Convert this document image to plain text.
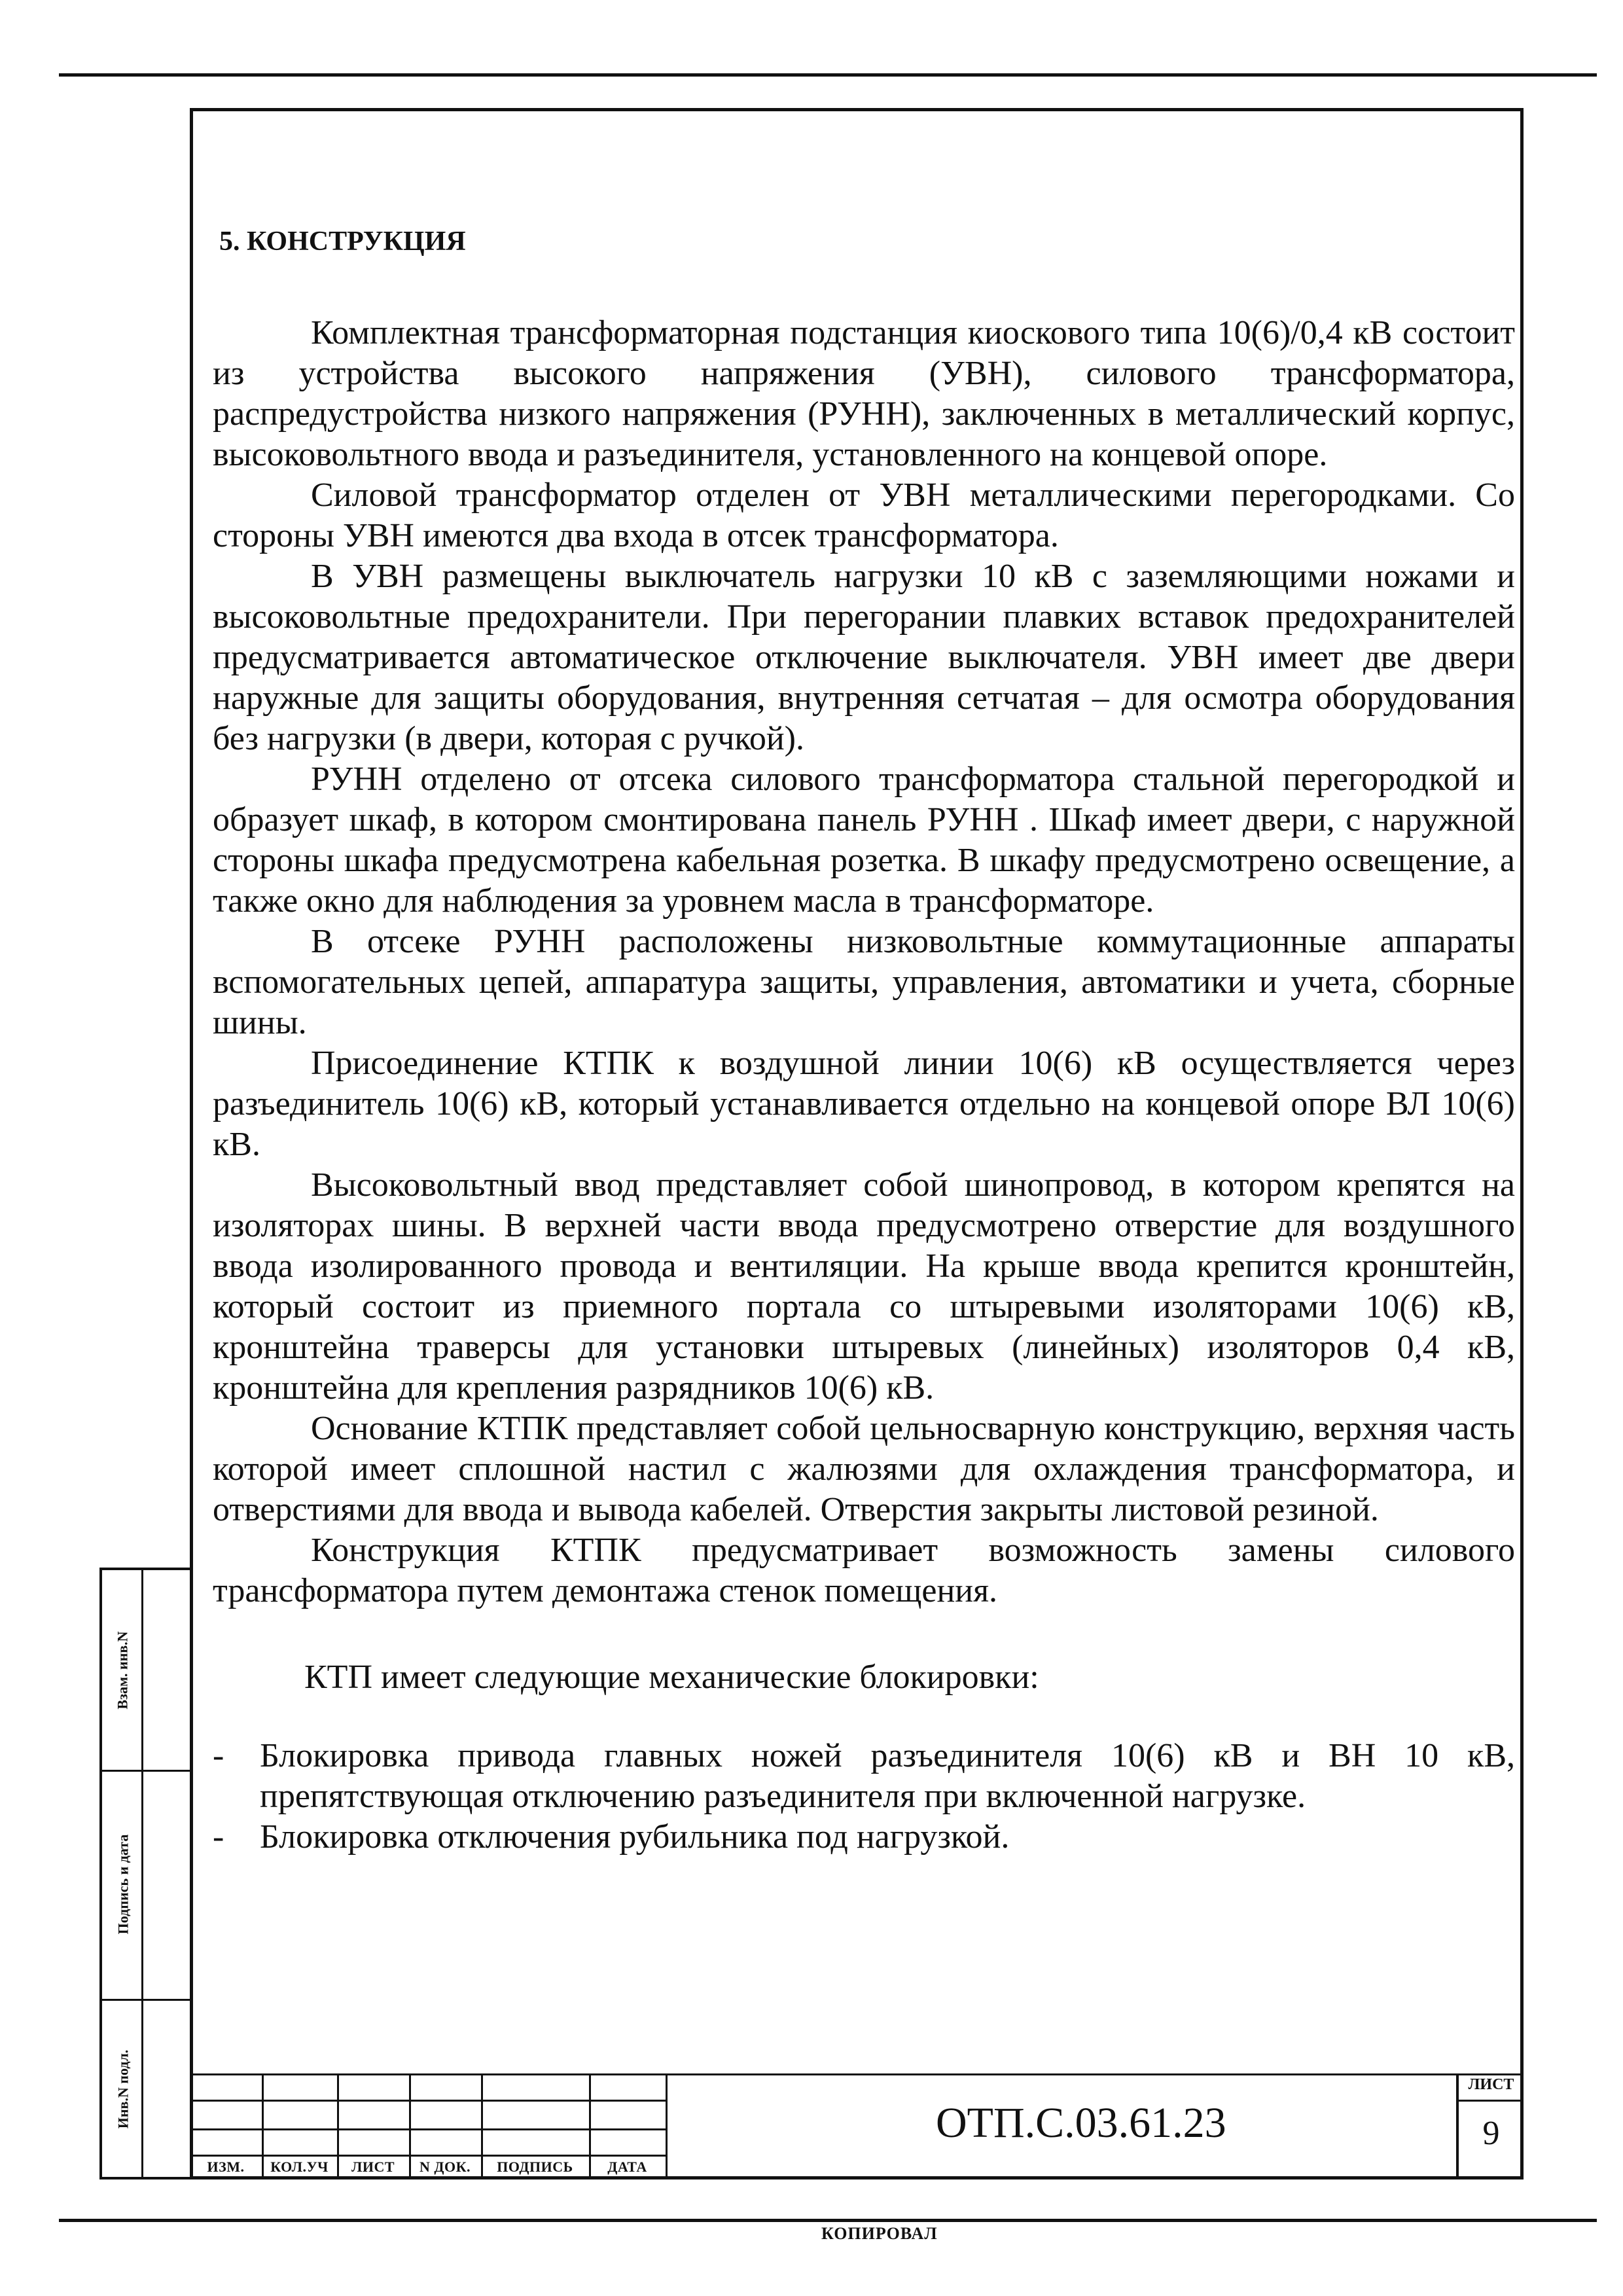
5. КОНСТРУКЦИЯ

Комплектная трансформаторная подстанция киоскового типа 10(6)/0,4 кВ состоит из устройства высокого напряжения (УВН), силового трансформатора, распредустройства низкого напряжения (РУНН), заключенных в металлический корпус, высоковольтного ввода и разъединителя, установленного на концевой опоре.

Силовой трансформатор отделен от УВН металлическими перегородками. Со стороны УВН имеются два входа в отсек трансформатора.

В УВН размещены выключатель нагрузки 10 кВ с заземляющими ножами и высоковольтные предохранители. При перегорании плавких вставок предохранителей предусматривается автоматическое отключение выключателя. УВН имеет две двери наружные для защиты оборудования, внутренняя сетчатая – для осмотра оборудования без нагрузки (в двери, которая с ручкой).

РУНН отделено от отсека силового трансформатора стальной перегородкой и образует шкаф, в котором смонтирована панель РУНН . Шкаф имеет двери, с наружной стороны шкафа предусмотрена кабельная розетка. В шкафу предусмотрено освещение, а также окно для наблюдения за уровнем масла в трансформаторе.

В отсеке РУНН расположены низковольтные коммутационные аппараты вспомогательных цепей, аппаратура защиты, управления, автоматики и учета, сборные шины.

Присоединение КТПК к воздушной линии 10(6) кВ осуществляется через разъединитель 10(6) кВ, который устанавливается отдельно на концевой опоре ВЛ 10(6) кВ.

Высоковольтный ввод представляет собой шинопровод, в котором крепятся на изоляторах шины. В верхней части ввода предусмотрено отверстие для воздушного ввода изолированного провода и вентиляции. На крыше ввода крепится кронштейн, который состоит из приемного портала со штыревыми изоляторами 10(6) кВ, кронштейна траверсы для установки штыревых (линейных) изоляторов 0,4 кВ, кронштейна для крепления разрядников 10(6) кВ.

Основание КТПК представляет собой цельносварную конструкцию, верхняя часть которой имеет сплошной настил с жалюзями для охлаждения трансформатора, и отверстиями для ввода и вывода кабелей. Отверстия закрыты листовой резиной.

Конструкция КТПК предусматривает возможность замены силового трансформатора путем демонтажа стенок помещения.

КТП имеет следующие механические блокировки:
-	Блокировка привода главных ножей разъединителя 10(6) кВ и ВН 10 кВ, препятствующая отключению разъединителя при включенной нагрузке.
-	Блокировка отключения рубильника под нагрузкой.
Взам. инв.N
Подпись и дата
Инв.N подл.
ИЗМ.	КОЛ.УЧ	ЛИСТ	N ДОК.	ПОДПИСЬ	ДАТА
ОТП.С.03.61.23
ЛИСТ
9
КОПИРОВАЛ
